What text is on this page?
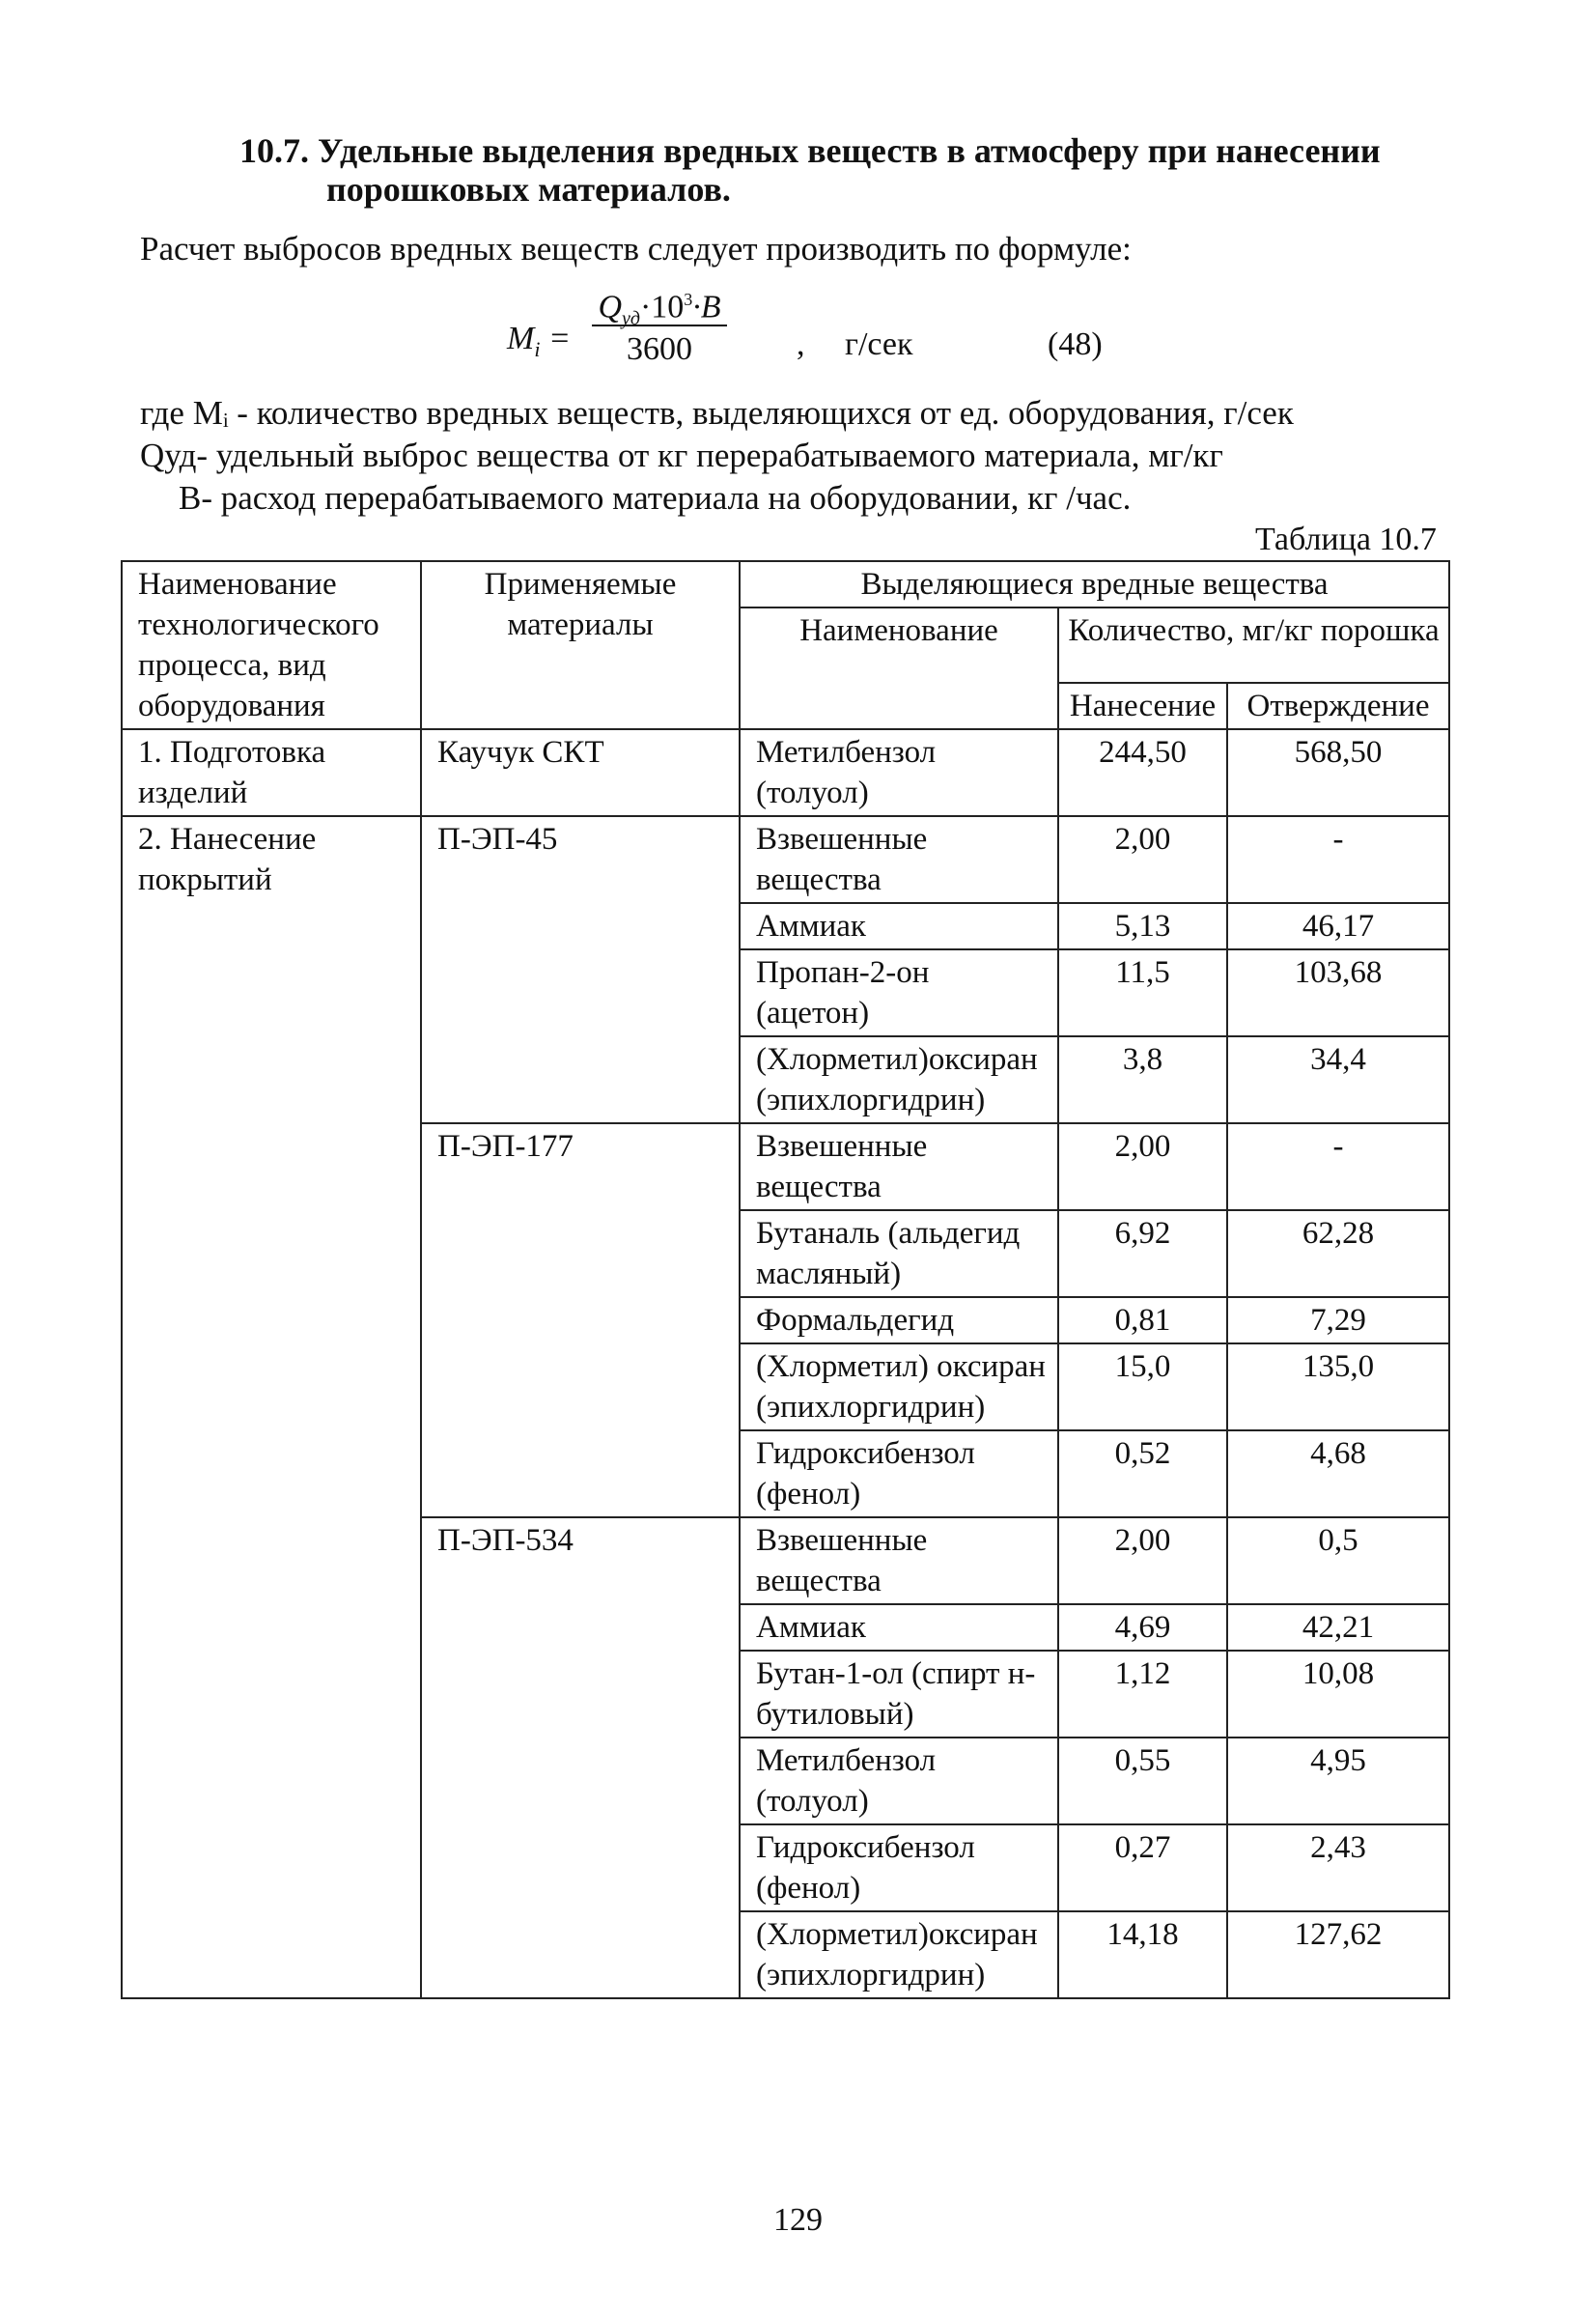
10.7. Удельные выделения вредных веществ в атмосферу при нанесении
порошковых материалов.
Расчет выбросов вредных веществ следует производить по формуле:
$M_i$ =
$Q_{уд}\cdot 10^3\cdot B$
3600	, г/сек	(48)
где Mᵢ - количество вредных веществ, выделяющихся от ед. оборудования, г/сек
Qуд- удельный выброс вещества от кг перерабатываемого материала, мг/кг
B- расход перерабатываемого материала на оборудовании, кг /час.
Таблица 10.7
Наименование технологического процесса, вид оборудования	Применяемые материалы	Выделяющиеся вредные вещества		
		Наименование	Количество, мг/кг порошка	
			Нанесение	Отверждение
1. Подготовка изделий	Каучук СКТ	Метилбензол (толуол)	244,50	568,50
2. Нанесение покрытий	П-ЭП-45	Взвешенные вещества	2,00	-
		Аммиак	5,13	46,17
		Пропан-2-он (ацетон)	11,5	103,68
		(Хлорметил)оксиран (эпихлоргидрин)	3,8	34,4
	П-ЭП-177	Взвешенные вещества	2,00	-
		Бутаналь (альдегид масляный)	6,92	62,28
		Формальдегид	0,81	7,29
		(Хлорметил) оксиран (эпихлоргидрин)	15,0	135,0
		Гидроксибензол (фенол)	0,52	4,68
	П-ЭП-534	Взвешенные вещества	2,00	0,5
		Аммиак	4,69	42,21
		Бутан-1-ол (спирт н-бутиловый)	1,12	10,08
		Метилбензол (толуол)	0,55	4,95
		Гидроксибензол (фенол)	0,27	2,43
		(Хлорметил)оксиран (эпихлоргидрин)	14,18	127,62
129
